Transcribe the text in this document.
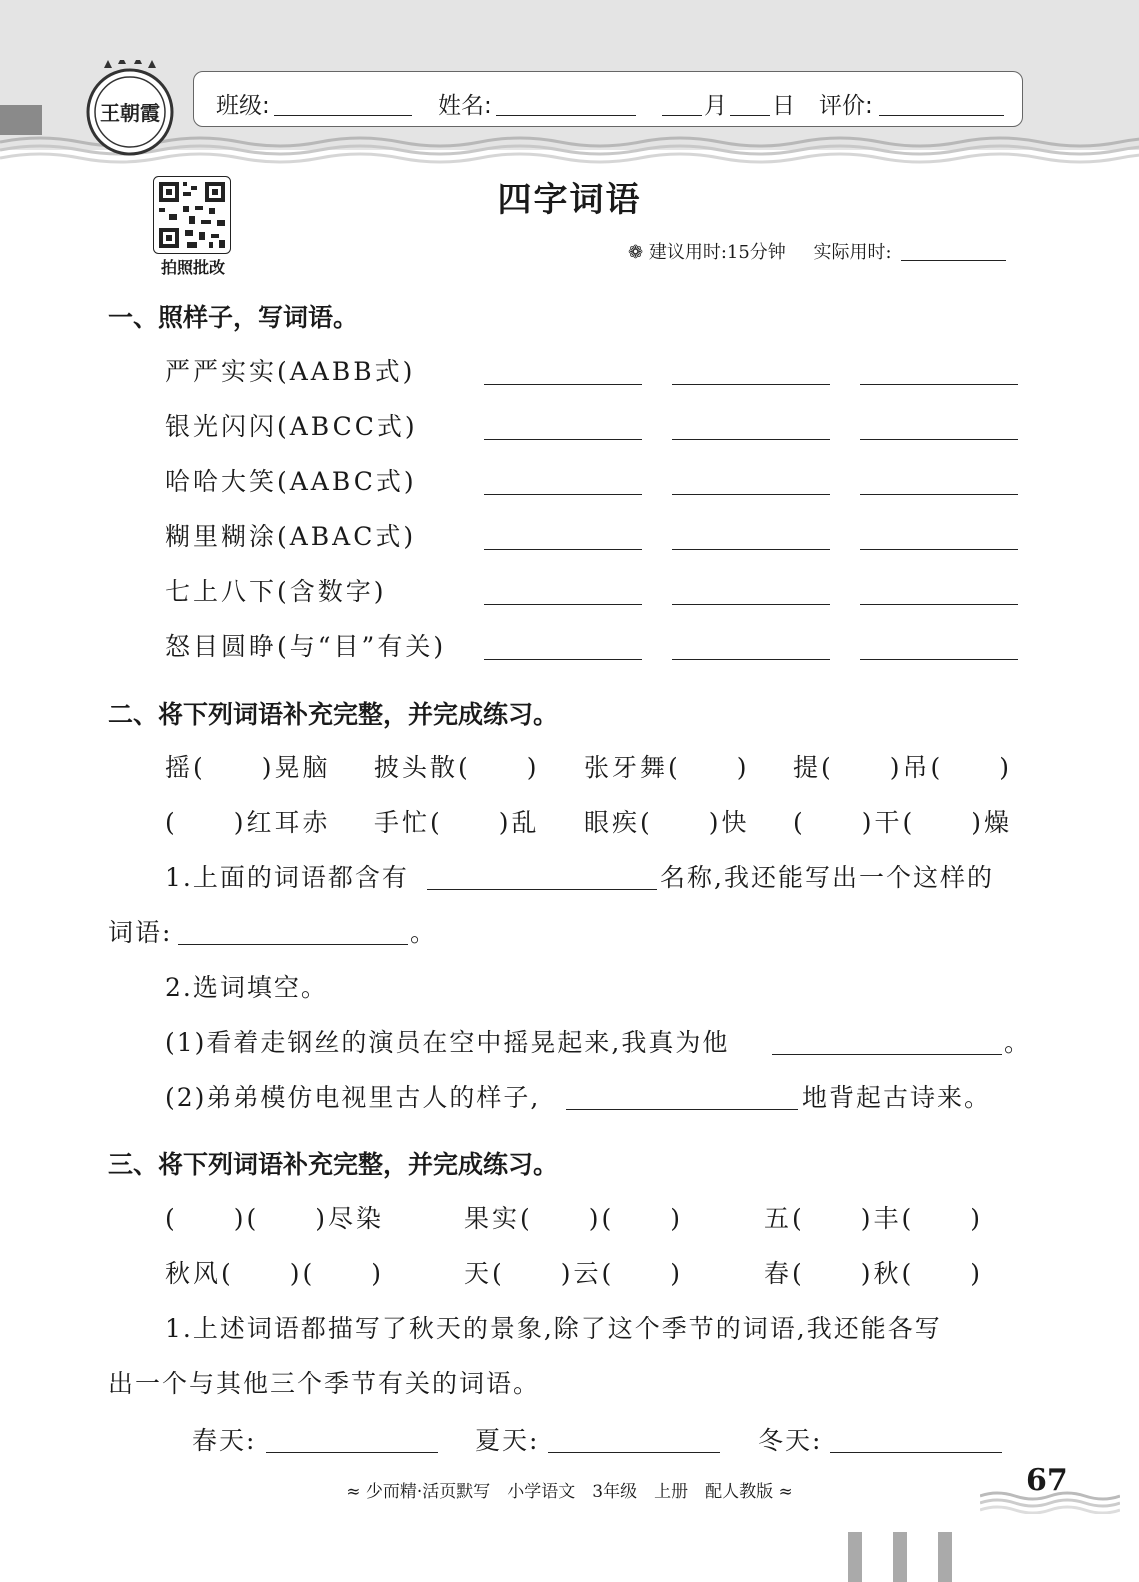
王朝霞 班级:	姓名:	月 日 评价:
拍照批改
四字词语
❁ 建议用时:15分钟 实际用时:
一、照样子，写词语。
严严实实(AABB式)
银光闪闪(ABCC式)
哈哈大笑(AABC式)
糊里糊涂(ABAC式)
七上八下(含数字)
怒目圆睁(与“目”有关)
二、将下列词语补充完整，并完成练习。
摇(　　)晃脑 披头散(　　) 张牙舞(　　) 提(　　)吊(　　)
(　　)红耳赤 手忙(　　)乱 眼疾(　　)快 (　　)干(　　)燥
1.上面的词语都含有	名称,我还能写出一个这样的
词语:	。
2.选词填空。
(1)看着走钢丝的演员在空中摇晃起来,我真为他	。
(2)弟弟模仿电视里古人的样子,	地背起古诗来。
三、将下列词语补充完整，并完成练习。
(　　)(　　)尽染	果实(　　)(　　)	五(　　)丰(　　)
秋风(　　)(　　)	天(　　)云(　　)	春(　　)秋(　　)
1.上述词语都描写了秋天的景象,除了这个季节的词语,我还能各写
出一个与其他三个季节有关的词语。
春天:	夏天:	冬天:
≈ 少而精·活页默写　小学语文　3年级　上册　配人教版 ≈	67
